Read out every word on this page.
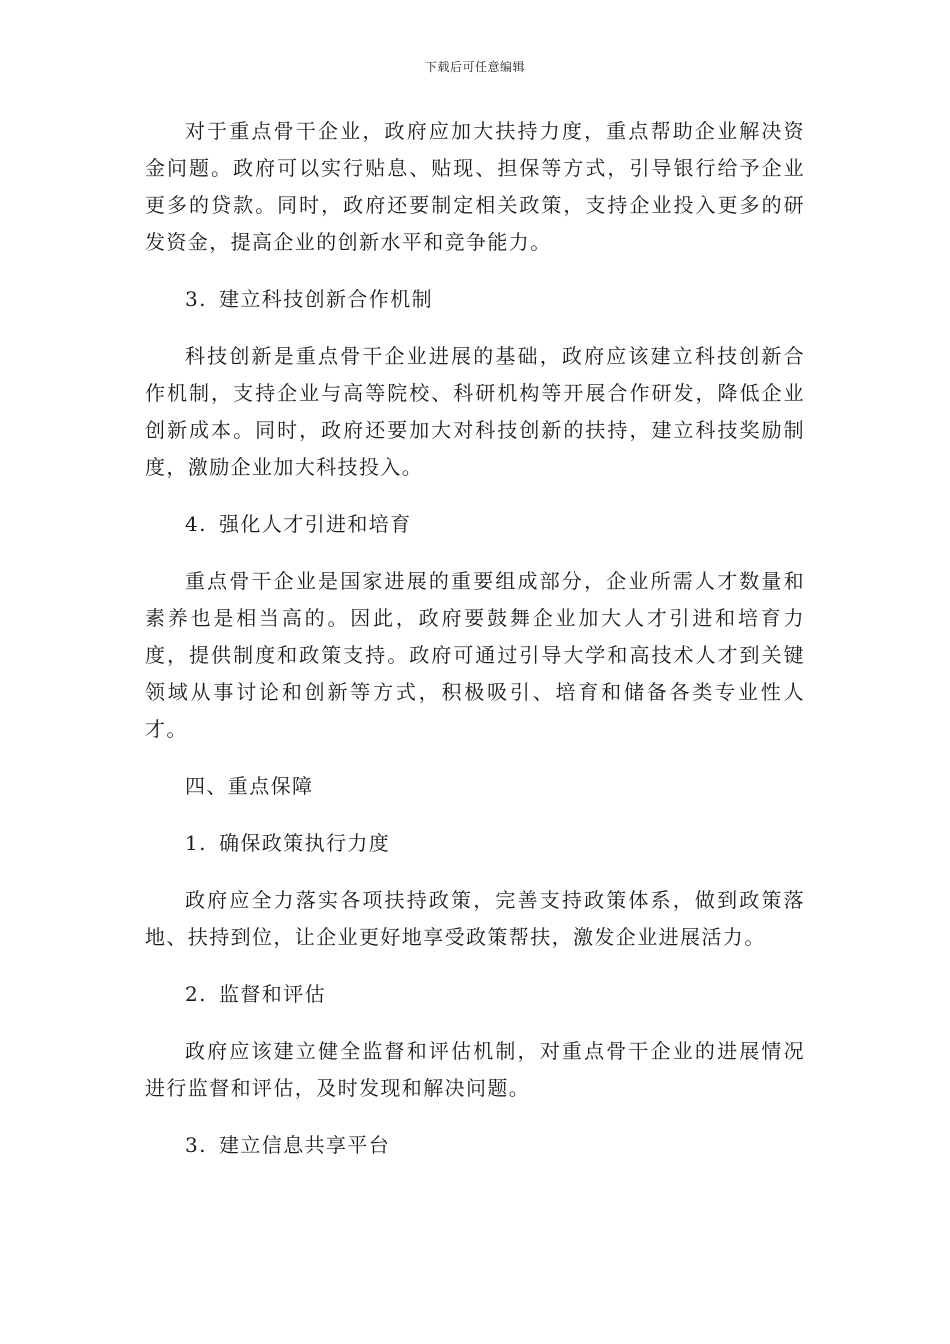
下载后可任意编辑

对于重点骨干企业，政府应加大扶持力度，重点帮助企业解决资金问题。政府可以实行贴息、贴现、担保等方式，引导银行给予企业更多的贷款。同时，政府还要制定相关政策，支持企业投入更多的研发资金，提高企业的创新水平和竞争能力。

3. 建立科技创新合作机制

科技创新是重点骨干企业进展的基础，政府应该建立科技创新合作机制，支持企业与高等院校、科研机构等开展合作研发，降低企业创新成本。同时，政府还要加大对科技创新的扶持，建立科技奖励制度，激励企业加大科技投入。

4. 强化人才引进和培育

重点骨干企业是国家进展的重要组成部分，企业所需人才数量和素养也是相当高的。因此，政府要鼓舞企业加大人才引进和培育力度，提供制度和政策支持。政府可通过引导大学和高技术人才到关键领域从事讨论和创新等方式，积极吸引、培育和储备各类专业性人才。

四、重点保障
1. 确保政策执行力度

政府应全力落实各项扶持政策，完善支持政策体系，做到政策落地、扶持到位，让企业更好地享受政策帮扶，激发企业进展活力。

2. 监督和评估

政府应该建立健全监督和评估机制，对重点骨干企业的进展情况进行监督和评估，及时发现和解决问题。

3. 建立信息共享平台
